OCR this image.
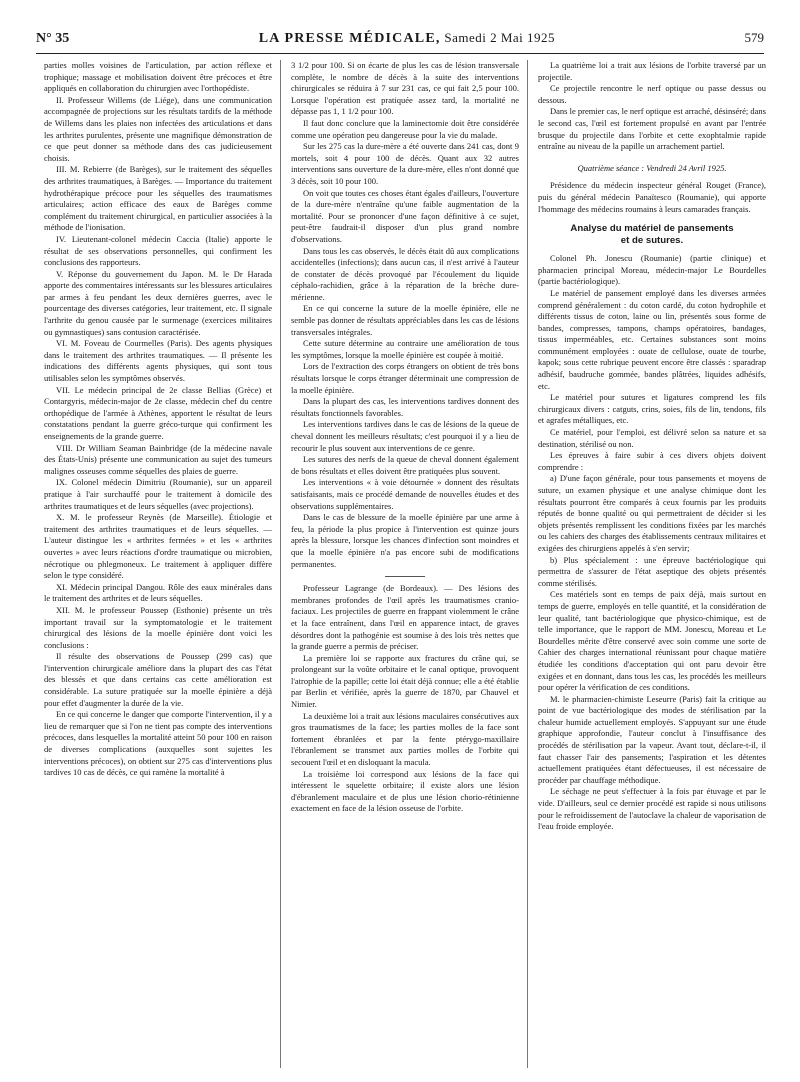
N° 35	LA PRESSE MÉDICALE, Samedi 2 Mai 1925	579

parties molles voisines de l'articulation, par action réflexe et trophique; massage et mobilisation doivent être précoces et être appliqués en collaboration du chirurgien avec l'orthopédiste.

II. Professeur Willems (de Liége), dans une communication accompagnée de projections sur les résultats tardifs de la méthode de Willems dans les plaies non infectées des articulations et dans les arthrites purulentes, présente une magnifique démonstration de ce que peut donner sa méthode dans des cas judicieusement choisis.

III. M. Rebierre (de Barèges), sur le traitement des séquelles des arthrites traumatiques, à Barèges. — Importance du traitement hydrothérapique précoce pour les séquelles des traumatismes articulaires; action efficace des eaux de Barèges comme complément du traitement chirurgical, en particulier associées à la méthode de l'ionisation.

IV. Lieutenant-colonel médecin Caccia (Italie) apporte le résultat de ses observations personnelles, qui confirment les conclusions des rapporteurs.

V. Réponse du gouvernement du Japon. M. le Dr Harada apporte des commentaires intéressants sur les blessures articulaires par armes à feu pendant les deux dernières guerres, avec le pourcentage des diverses catégories, leur traitement, etc. Il signale l'arthrite du genou causée par le surmenage (exercices militaires ou gymnastiques) sans contusion caractérisée.

VI. M. Foveau de Courmelles (Paris). Des agents physiques dans le traitement des arthrites traumatiques. — Il présente les indications des différents agents physiques, qui sont tous utilisables selon les symptômes observés.

VII. Le médecin principal de 2e classe Bellias (Grèce) et Contargyris, médecin-major de 2e classe, médecin chef du centre orthopédique de l'armée à Athènes, apportent le résultat de leurs constatations pendant la guerre gréco-turque qui confirment les enseignements de la grande guerre.

VIII. Dr William Seaman Bainbridge (de la médecine navale des États-Unis) présente une communication au sujet des tumeurs malignes osseuses comme séquelles des plaies de guerre.

IX. Colonel médecin Dimitriu (Roumanie), sur un appareil pratique à l'air surchauffé pour le traitement à domicile des arthrites traumatiques et de leurs séquelles (avec projections).

X. M. le professeur Reynès (de Marseille). Étiologie et traitement des arthrites traumatiques et de leurs séquelles. — L'auteur distingue les « arthrites fermées » et les « arthrites ouvertes » avec leurs réactions d'ordre traumatique ou microbien, nécrotique ou phlegmoneux. Le traitement à appliquer diffère selon le type considéré.

XI. Médecin principal Dangou. Rôle des eaux minérales dans le traitement des arthrites et de leurs séquelles.

XII. M. le professeur Poussep (Esthonie) présente un très important travail sur la symptomatologie et le traitement chirurgical des lésions de la moelle épinière dont voici les conclusions :

Il résulte des observations de Poussep (299 cas) que l'intervention chirurgicale améliore dans la plupart des cas l'état des blessés et que dans certains cas cette amélioration est considérable. La suture pratiquée sur la moelle épinière a déjà pour effet d'augmenter la durée de la vie.

En ce qui concerne le danger que comporte l'intervention, il y a lieu de remarquer que si l'on ne tient pas compte des interventions précoces, dans lesquelles la mortalité atteint 50 pour 100 en raison de diverses complications (auxquelles sont sujettes les interventions précoces), on obtient sur 275 cas d'interventions plus tardives 10 cas de décès, ce qui ramène la mortalité à

3 1/2 pour 100. Si on écarte de plus les cas de lésion transversale complète, le nombre de décès à la suite des interventions chirurgicales se réduira à 7 sur 231 cas, ce qui fait 2,5 pour 100. Lorsque l'opération est pratiquée assez tard, la mortalité ne dépasse pas 1, 1 1/2 pour 100.

Il faut donc conclure que la laminectomie doit être considérée comme une opération peu dangereuse pour la vie du malade.

Sur les 275 cas la dure-mère a été ouverte dans 241 cas, dont 9 mortels, soit 4 pour 100 de décès. Quant aux 32 autres interventions sans ouverture de la dure-mère, elles n'ont donné que 3 décès, soit 10 pour 100.

On voit que toutes ces choses étant égales d'ailleurs, l'ouverture de la dure-mère n'entraîne qu'une faible augmentation de la mortalité. Pour se prononcer d'une façon définitive à ce sujet, peut-être faudrait-il disposer d'un plus grand nombre d'observations.

Dans tous les cas observés, le décès était dû aux complications accidentelles (infections); dans aucun cas, il n'est arrivé à l'auteur de constater de décès provoqué par l'écoulement du liquide céphalo-rachidien, grâce à la réparation de la brèche dure-mérienne.

En ce qui concerne la suture de la moelle épinière, elle ne semble pas donner de résultats appréciables dans les cas de lésions transversales intégrales.

Cette suture détermine au contraire une amélioration de tous les symptômes, lorsque la moelle épinière est coupée à moitié.

Lors de l'extraction des corps étrangers on obtient de très bons résultats lorsque le corps étranger déterminait une compression de la moelle épinière.

Dans la plupart des cas, les interventions tardives donnent des résultats fonctionnels favorables.

Les interventions tardives dans le cas de lésions de la queue de cheval donnent les meilleurs résultats; c'est pourquoi il y a lieu de recourir le plus souvent aux interventions de ce genre.

Les sutures des nerfs de la queue de cheval donnent également de bons résultats et elles doivent être pratiquées plus souvent.

Les interventions « à voie détournée » donnent des résultats satisfaisants, mais ce procédé demande de nouvelles études et des observations supplémentaires.

Dans le cas de blessure de la moelle épinière par une arme à feu, la période la plus propice à l'intervention est quinze jours après la blessure, lorsque les chances d'infection sont moindres et que la moelle épinière n'a pas encore subi de modifications permanentes.

Professeur Lagrange (de Bordeaux). — Des lésions des membranes profondes de l'œil après les traumatismes cranio-faciaux. Les projectiles de guerre en frappant violemment le crâne et la face entraînent, dans l'œil en apparence intact, de graves désordres dont la pathogénie est soumise à des lois très nettes que la grande guerre a permis de préciser.

La première loi se rapporte aux fractures du crâne qui, se prolongeant sur la voûte orbitaire et le canal optique, provoquent l'atrophie de la papille; cette loi était déjà connue; elle a été établie par Berlin et vérifiée, après la guerre de 1870, par Chauvel et Nimier.

La deuxième loi a trait aux lésions maculaires consécutives aux gros traumatismes de la face; les parties molles de la face sont fortement ébranlées et par la fente ptérygo-maxillaire l'ébranlement se transmet aux parties molles de l'orbite qui secouent l'œil et en disloquant la macula.

La troisième loi correspond aux lésions de la face qui intéressent le squelette orbitaire; il existe alors une lésion d'ébranlement maculaire et de plus une lésion chorio-rétinienne exactement en face de la lésion osseuse de l'orbite.

La quatrième loi a trait aux lésions de l'orbite traversé par un projectile.

Ce projectile rencontre le nerf optique ou passe dessus ou dessous.

Dans le premier cas, le nerf optique est arraché, désinséré; dans le second cas, l'œil est fortement propulsé en avant par l'entrée brusque du projectile dans l'orbite et cette exophtalmie rapide entraîne au niveau de la papille un arrachement partiel.

Quatrième séance : Vendredi 24 Avril 1925.

Présidence du médecin inspecteur général Rouget (France), puis du général médecin Panaïtesco (Roumanie), qui apporte l'hommage des médecins roumains à leurs camarades français.

Analyse du matériel de pansements
et de sutures.

Colonel Ph. Jonescu (Roumanie) (partie clinique) et pharmacien principal Moreau, médecin-major Le Bourdelles (partie bactériologique).

Le matériel de pansement employé dans les diverses armées comprend généralement : du coton cardé, du coton hydrophile et différents tissus de coton, laine ou lin, présentés sous forme de bandes, compresses, tampons, champs opératoires, bandages, tissus imperméables, etc. Certaines substances sont moins communément employées : ouate de cellulose, ouate de tourbe, kapok; sous cette rubrique peuvent encore être classés : sparadrap adhésif, baudruche gommée, bandes plâtrées, liquides adhésifs, etc.

Le matériel pour sutures et ligatures comprend les fils chirurgicaux divers : catguts, crins, soies, fils de lin, tendons, fils et agrafes métalliques, etc.

Ce matériel, pour l'emploi, est délivré selon sa nature et sa destination, stérilisé ou non.

Les épreuves à faire subir à ces divers objets doivent comprendre :

a) D'une façon générale, pour tous pansements et moyens de suture, un examen physique et une analyse chimique dont les résultats pourront être comparés à ceux fournis par les produits réputés de bonne qualité ou qui permettraient de décider si les objets présentés remplissent les conditions fixées par les marchés ou les cahiers des charges des établissements centraux militaires et exigées des chirurgiens appelés à s'en servir;

b) Plus spécialement : une épreuve bactériologique qui permettra de s'assurer de l'état aseptique des objets présentés comme stérilisés.

Ces matériels sont en temps de paix déjà, mais surtout en temps de guerre, employés en telle quantité, et la considération de leur qualité, tant bactériologique que physico-chimique, est de telle importance, que le rapport de MM. Jonescu, Moreau et Le Bourdelles mérite d'être conservé avec soin comme une sorte de Cahier des charges international réunissant pour chaque matière étudiée les conditions d'acceptation qui ont paru devoir être exigées et en donnant, dans tous les cas, les procédés les meilleurs pour opérer la vérification de ces conditions.

M. le pharmacien-chimiste Leseurre (Paris) fait la critique au point de vue bactériologique des modes de stérilisation par la chaleur humide actuellement employés. S'appuyant sur une étude graphique approfondie, l'auteur conclut à l'insuffisance des procédés de stérilisation par la vapeur. Avant tout, déclare-t-il, il faut chasser l'air des pansements; l'aspiration et les détentes actuellement pratiquées étant défectueuses, il est nécessaire de procéder par chauffage méthodique.

Le séchage ne peut s'effectuer à la fois par étuvage et par le vide. D'ailleurs, seul ce dernier procédé est rapide si nous utilisons pour le refroidissement de l'autoclave la chaleur de vaporisation de l'eau froide employée.
